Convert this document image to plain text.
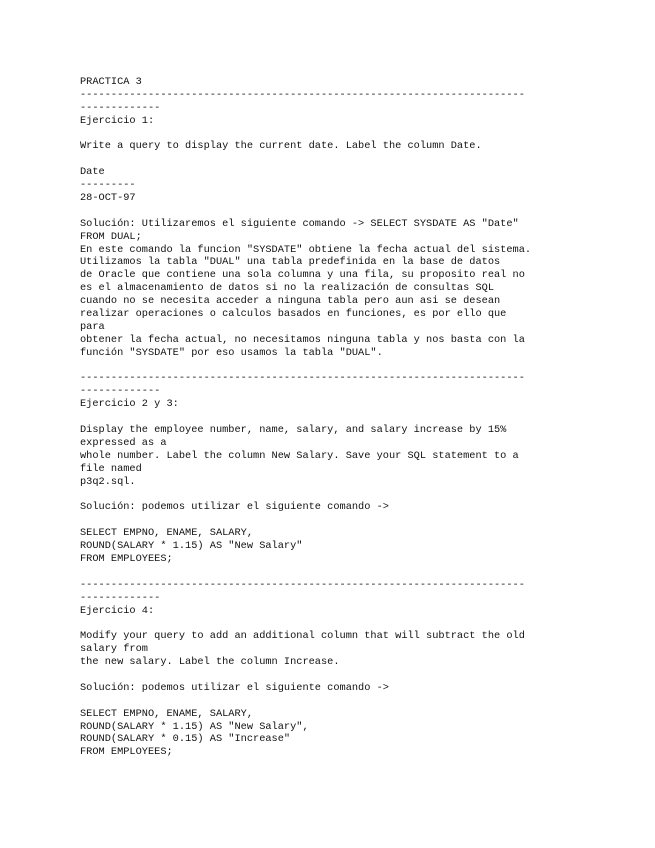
PRACTICA 3
------------------------------------------------------------------------
-------------
Ejercicio 1:
Write a query to display the current date. Label the column Date.
Date
---------
28-OCT-97
Solución: Utilizaremos el siguiente comando -> SELECT SYSDATE AS "Date"
FROM DUAL;
En este comando la funcion "SYSDATE" obtiene la fecha actual del sistema.
Utilizamos la tabla "DUAL" una tabla predefinida en la base de datos
de Oracle que contiene una sola columna y una fila, su proposito real no
es el almacenamiento de datos si no la realización de consultas SQL
cuando no se necesita acceder a ninguna tabla pero aun asi se desean
realizar operaciones o calculos basados en funciones, es por ello que
para
obtener la fecha actual, no necesitamos ninguna tabla y nos basta con la
función "SYSDATE" por eso usamos la tabla "DUAL".
------------------------------------------------------------------------
-------------
Ejercicio 2 y 3:
Display the employee number, name, salary, and salary increase by 15%
expressed as a
whole number. Label the column New Salary. Save your SQL statement to a
file named
p3q2.sql.
Solución: podemos utilizar el siguiente comando ->
SELECT EMPNO, ENAME, SALARY,
ROUND(SALARY * 1.15) AS "New Salary"
FROM EMPLOYEES;
------------------------------------------------------------------------
-------------
Ejercicio 4:
Modify your query to add an additional column that will subtract the old
salary from
the new salary. Label the column Increase.
Solución: podemos utilizar el siguiente comando ->
SELECT EMPNO, ENAME, SALARY,
ROUND(SALARY * 1.15) AS "New Salary",
ROUND(SALARY * 0.15) AS "Increase"
FROM EMPLOYEES;
